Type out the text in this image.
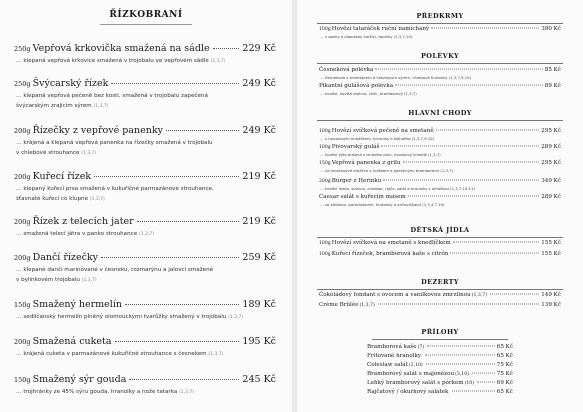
ŘÍZKOBRANÍ
250g Vepřová krkovička smažená na sádle	229 Kč
… klepaná vepřová krkovice smažená v trojobalu ve vepřovém sádle (1,3,7)
250g Švýcarský řízek	249 Kč
… klepaná vepřová pečeně bez kosti, smažená v trojobalu zapečená
švýcarským zrajícím sýrem (1,3,7)
200g Řízečky z vepřové panenky	249 Kč
… krájená a klepaná vepřová panenka na řízečky smažená v trojobalu
v chlebové strouhance (1,3,7)
200g Kuřecí řízek	219 Kč
… klepaný kuřecí prsa smažená v kukuřičné parmazánové strouhance,
šťavnaté kuřecí co klupne (1,3,7)
200g Řízek z telecích jater	219 Kč
… smažená telecí játra v panko strouhance (1,3,7)
200g Dančí řízečky	259 Kč
… klepané dančí marinované v česneku, rozmarýnu a jalovci smažené
v bylinkovém trojobalu (1,3,7)
150g Smažený hermelín	189 Kč
… sedličanský hermelín plněný olomouckými tvarůžky smažený v trojobalu (1,3,7)
200g Smažená cuketa	195 Kč
… krájená cuketa v parmazánové kukuřičné strouhance s česnekem (1,3,7)
150g Smažený sýr gouda	245 Kč
… trojhránky ze 45% sýru gouda, hranolky a nože tatarka (1,3,7)
PŘEDKRMY
100g Hovězí tataráček ruční namíchaný	390 Kč
… s opeky a dijonskou hořčicí, topinky (1,3,7,10)
POLÉVKY
Česneková polévka	85 Kč
… česneková s bramborem a hlávkovým sýrem, chlebové krutonky (1,3,7,9,10)
Pikantní gulášová polévka	89 Kč
… hovězí, hovězí stehno, chilli, bramborový (1,3,7)
HLAVNÍ CHODY
100g Hovězí svíčková pečeně na smetaně	295 Kč
… s houskovým knedlíkem, brusinky a šlehačka (1,3,7,9,10)
100g Pivovarský guláš	289 Kč
… hovězí kýta dušená v tmavém pivu, houskový knedlík (1,3,7)
150g Vepřová panenka z grilu	295 Kč
… na smetanové omáčce s hráškem a opečenými bramborami (1,3,7)
200g Burger z Herinku	349 Kč
… hovězí maso, slanina, cheddar, rajče, salát a hranolky s omáčkou (1,3,7,10,11)
Caesar salát s kuřecím masem	289 Kč
… se zálivkou, parmazánem, krutonky a ančovičkami (1,3,4,7,10)
DĚTSKÁ JÍDLA
100g Hovězí svíčková na smetaně s knedlíčkem	155 Kč
100g Kuřecí řízeček, bramborová kaše s citrón	155 Kč
DEZERTY
Čokoládový fondant s ovocem a vanilkovou zmrzlinou (1,3,7)	149 Kč
Crème Brûlée (1,3,7)	139 Kč
PŘÍLOHY
Bramborová kaše (7)	65 Kč
Fritované hranolky	65 Kč
Coleslaw salát (3,10)	75 Kč
Bramborový salát s majonézou (3,10)	75 Kč
Lehký bramborový salát s pórkem (10)	69 Kč
Rajčatový / okurkový salátek	65 Kč
